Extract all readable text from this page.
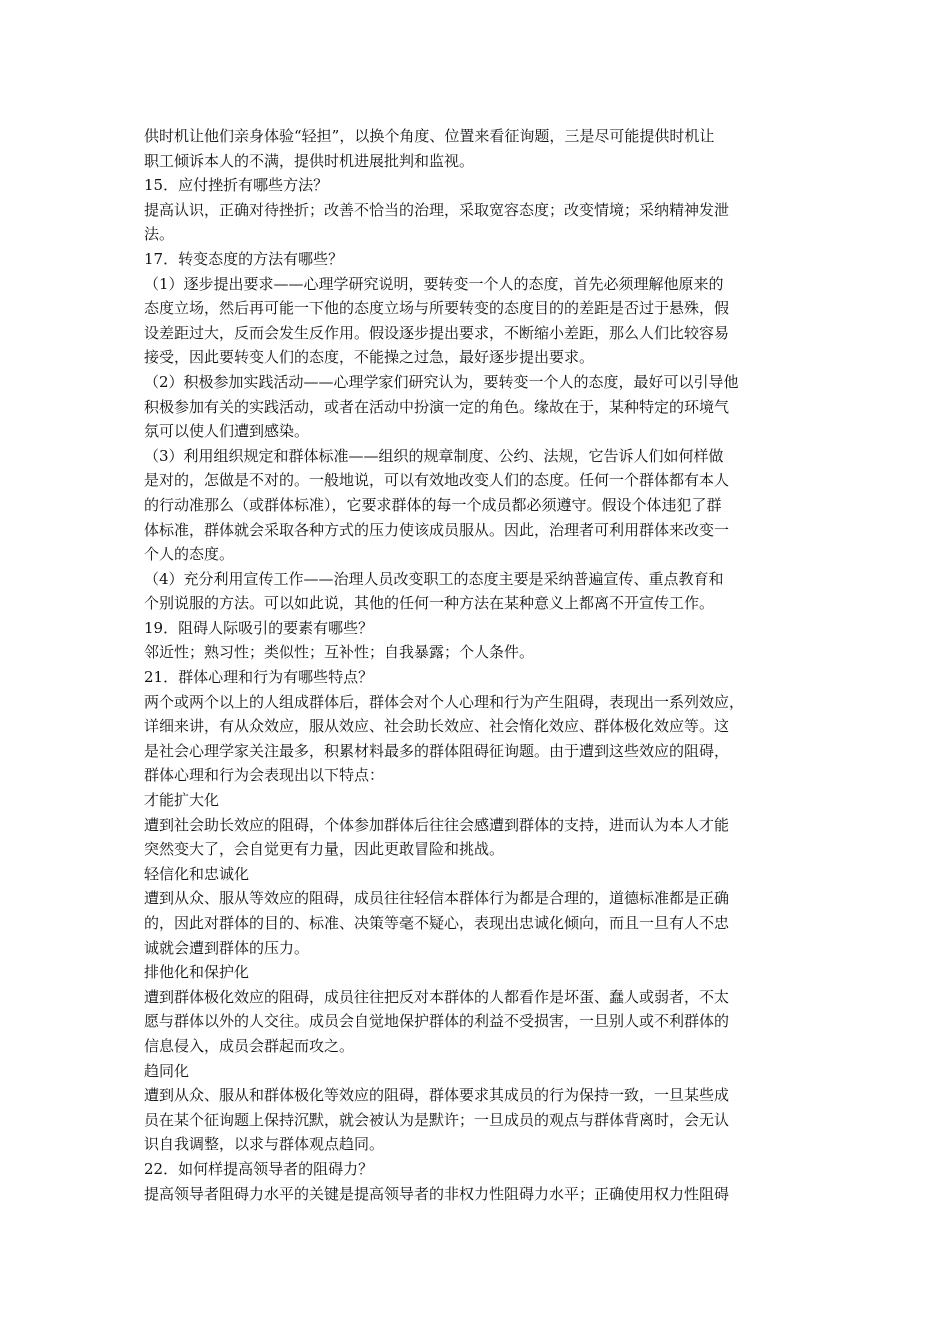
供时机让他们亲身体验“轻担”，以换个角度、位置来看征询题，三是尽可能提供时机让
职工倾诉本人的不满，提供时机进展批判和监视。

15．应付挫折有哪些方法？

提高认识，正确对待挫折；改善不恰当的治理，采取宽容态度；改变情境；采纳精神发泄
法。

17．转变态度的方法有哪些？

（1）逐步提出要求——心理学研究说明，要转变一个人的态度，首先必须理解他原来的
态度立场，然后再可能一下他的态度立场与所要转变的态度目的的差距是否过于悬殊，假
设差距过大，反而会发生反作用。假设逐步提出要求，不断缩小差距，那么人们比较容易
接受，因此要转变人们的态度，不能操之过急，最好逐步提出要求。

（2）积极参加实践活动——心理学家们研究认为，要转变一个人的态度，最好可以引导他
积极参加有关的实践活动，或者在活动中扮演一定的角色。缘故在于，某种特定的环境气
氛可以使人们遭到感染。

（3）利用组织规定和群体标准——组织的规章制度、公约、法规，它告诉人们如何样做
是对的，怎做是不对的。一般地说，可以有效地改变人们的态度。任何一个群体都有本人
的行动准那么（或群体标准），它要求群体的每一个成员都必须遵守。假设个体违犯了群
体标准，群体就会采取各种方式的压力使该成员服从。因此，治理者可利用群体来改变一
个人的态度。

（4）充分利用宣传工作——治理人员改变职工的态度主要是采纳普遍宣传、重点教育和
个别说服的方法。可以如此说，其他的任何一种方法在某种意义上都离不开宣传工作。

19．阻碍人际吸引的要素有哪些？

邻近性；熟习性；类似性；互补性；自我暴露；个人条件。

21．群体心理和行为有哪些特点？

两个或两个以上的人组成群体后，群体会对个人心理和行为产生阻碍，表现出一系列效应，
详细来讲，有从众效应，服从效应、社会助长效应、社会惰化效应、群体极化效应等。这
是社会心理学家关注最多，积累材料最多的群体阻碍征询题。由于遭到这些效应的阻碍，
群体心理和行为会表现出以下特点：

才能扩大化

遭到社会助长效应的阻碍，个体参加群体后往往会感遭到群体的支持，进而认为本人才能
突然变大了，会自觉更有力量，因此更敢冒险和挑战。

轻信化和忠诚化

遭到从众、服从等效应的阻碍，成员往往轻信本群体行为都是合理的，道德标准都是正确
的，因此对群体的目的、标准、决策等毫不疑心，表现出忠诚化倾向，而且一旦有人不忠
诚就会遭到群体的压力。

排他化和保护化

遭到群体极化效应的阻碍，成员往往把反对本群体的人都看作是坏蛋、蠢人或弱者，不太
愿与群体以外的人交往。成员会自觉地保护群体的利益不受损害，一旦别人或不利群体的
信息侵入，成员会群起而攻之。

趋同化

遭到从众、服从和群体极化等效应的阻碍，群体要求其成员的行为保持一致，一旦某些成
员在某个征询题上保持沉默，就会被认为是默许；一旦成员的观点与群体背离时，会无认
识自我调整，以求与群体观点趋同。

22．如何样提高领导者的阻碍力？

提高领导者阻碍力水平的关键是提高领导者的非权力性阻碍力水平；正确使用权力性阻碍
